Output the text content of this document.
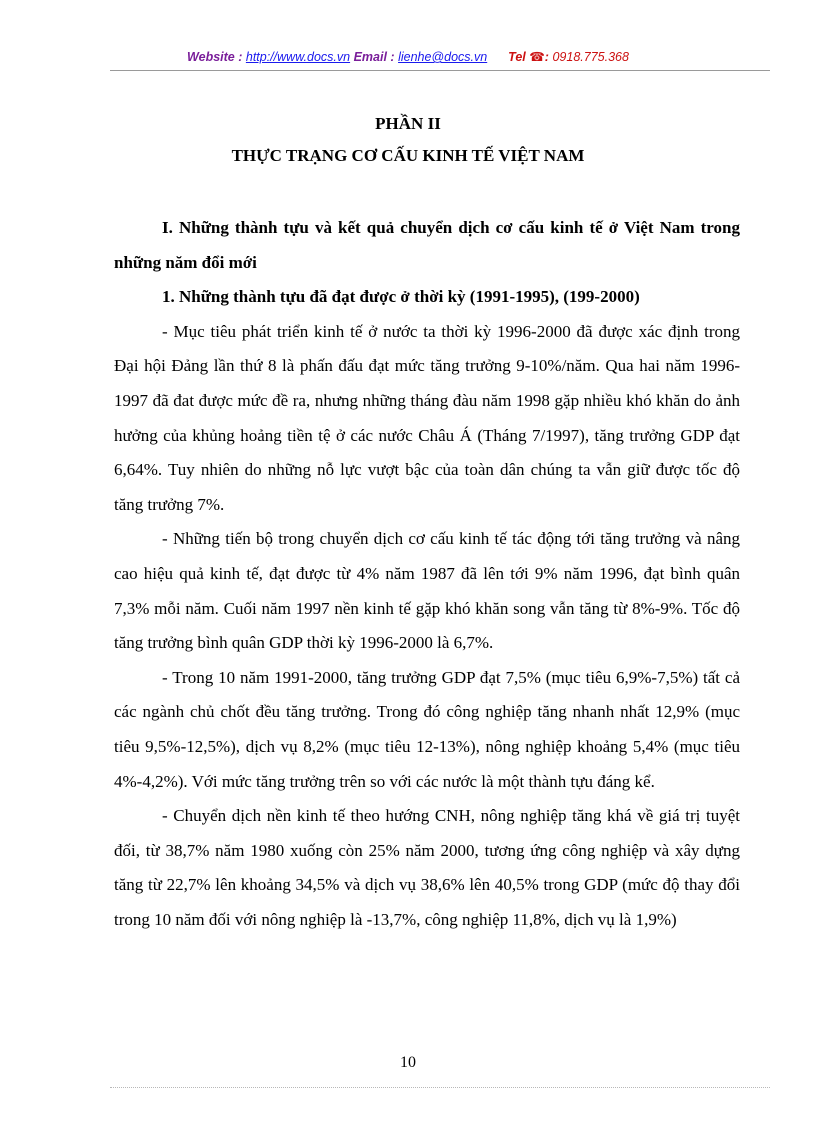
Website : http://www.docs.vn Email : lienhe@docs.vn Tel ☎: 0918.775.368
PHẦN II
THỰC TRẠNG CƠ CẤU KINH TẾ VIỆT NAM

I. Những thành tựu và kết quả chuyển dịch cơ cấu kinh tế ở Việt Nam trong những năm đổi mới

1. Những thành tựu đã đạt được ở thời kỳ (1991-1995), (199-2000)

- Mục tiêu phát triển kinh tế ở nước ta thời kỳ 1996-2000 đã được xác định trong Đại hội Đảng lần thứ 8 là phấn đấu đạt mức tăng trưởng 9-10%/năm. Qua hai năm 1996-1997 đã đat được mức đề ra, nhưng những tháng đàu năm 1998 gặp nhiều khó khăn do ảnh hưởng của khủng hoảng tiền tệ ở các nước Châu Á (Tháng 7/1997), tăng trưởng GDP đạt 6,64%. Tuy nhiên do những nỗ lực vượt bậc của toàn dân chúng ta vẫn giữ được tốc độ tăng trưởng 7%.

- Những tiến bộ trong chuyển dịch cơ cấu kinh tế tác động tới tăng trưởng và nâng cao hiệu quả kinh tế, đạt được từ 4% năm 1987 đã lên tới 9% năm 1996, đạt bình quân 7,3% mỗi năm. Cuối năm 1997 nền kinh tế gặp khó khăn song vẫn tăng từ 8%-9%. Tốc độ tăng trưởng bình quân GDP thời kỳ 1996-2000 là 6,7%.

- Trong 10 năm 1991-2000, tăng trưởng GDP đạt 7,5% (mục tiêu 6,9%-7,5%) tất cả các ngành chủ chốt đều tăng trưởng. Trong đó công nghiệp tăng nhanh nhất 12,9% (mục tiêu 9,5%-12,5%), dịch vụ 8,2% (mục tiêu 12-13%), nông nghiệp khoảng 5,4% (mục tiêu 4%-4,2%). Với mức tăng trưởng trên so với các nước là một thành tựu đáng kể.

- Chuyển dịch nền kinh tế theo hướng CNH, nông nghiệp tăng khá về giá trị tuyệt đối, từ 38,7% năm 1980 xuống còn 25% năm 2000, tương ứng công nghiệp và xây dựng tăng từ 22,7% lên khoảng 34,5% và dịch vụ 38,6% lên 40,5% trong GDP (mức độ thay đổi trong 10 năm đối với nông nghiệp là -13,7%, công nghiệp 11,8%, dịch vụ là 1,9%)

10
